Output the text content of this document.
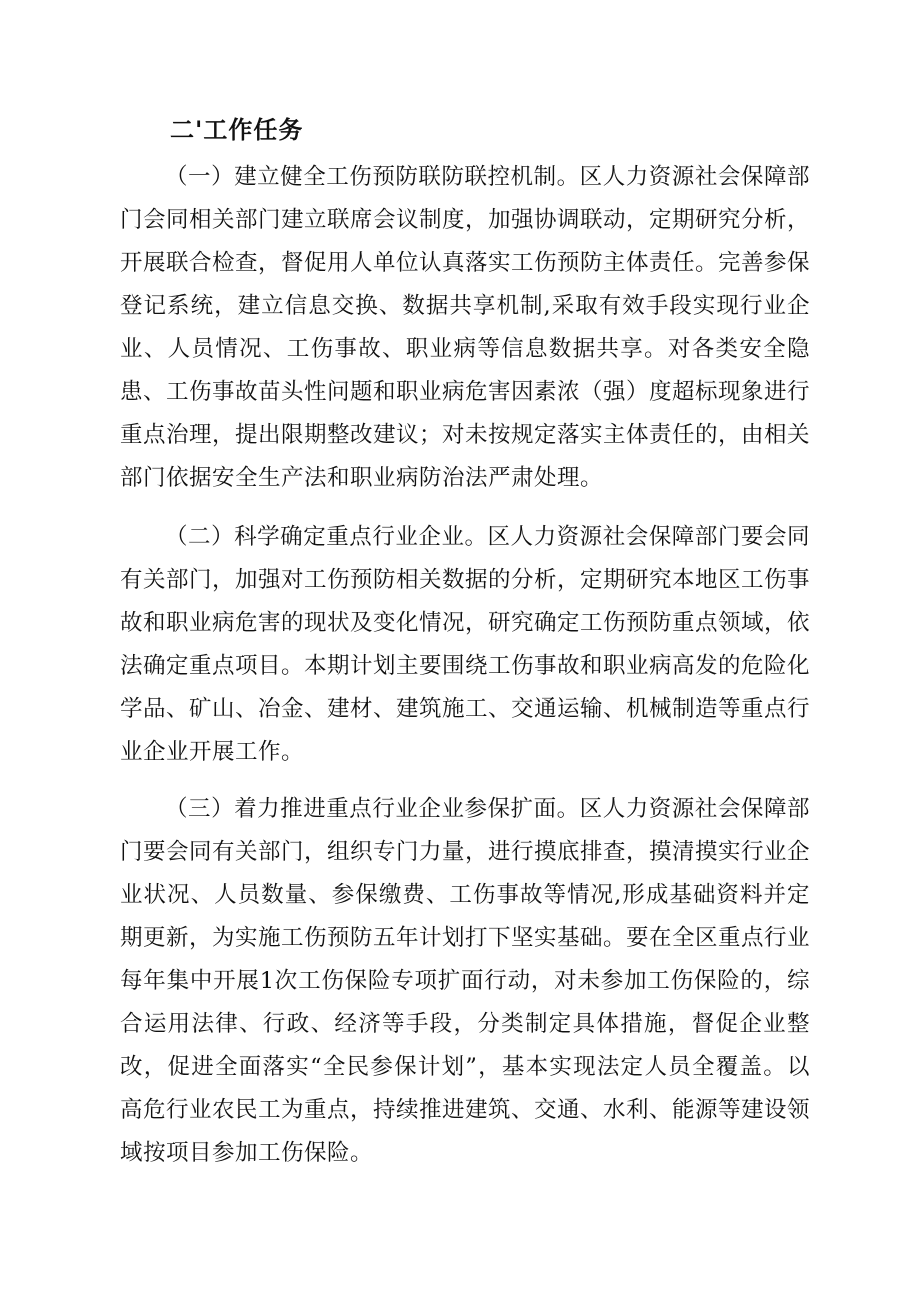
二'工作任务

（一）建立健全工伤预防联防联控机制。区人力资源社会保障部门会同相关部门建立联席会议制度，加强协调联动，定期研究分析，开展联合检查，督促用人单位认真落实工伤预防主体责任。完善参保登记系统，建立信息交换、数据共享机制,采取有效手段实现行业企业、人员情况、工伤事故、职业病等信息数据共享。对各类安全隐患、工伤事故苗头性问题和职业病危害因素浓（强）度超标现象进行重点治理，提出限期整改建议；对未按规定落实主体责任的，由相关部门依据安全生产法和职业病防治法严肃处理。

（二）科学确定重点行业企业。区人力资源社会保障部门要会同有关部门，加强对工伤预防相关数据的分析，定期研究本地区工伤事故和职业病危害的现状及变化情况，研究确定工伤预防重点领域，依法确定重点项目。本期计划主要围绕工伤事故和职业病高发的危险化学品、矿山、冶金、建材、建筑施工、交通运输、机械制造等重点行业企业开展工作。

（三）着力推进重点行业企业参保扩面。区人力资源社会保障部门要会同有关部门，组织专门力量，进行摸底排查，摸清摸实行业企业状况、人员数量、参保缴费、工伤事故等情况,形成基础资料并定期更新，为实施工伤预防五年计划打下坚实基础。要在全区重点行业每年集中开展1次工伤保险专项扩面行动，对未参加工伤保险的，综合运用法律、行政、经济等手段，分类制定具体措施，督促企业整改，促进全面落实“全民参保计划”，基本实现法定人员全覆盖。以高危行业农民工为重点，持续推进建筑、交通、水利、能源等建设领域按项目参加工伤保险。
